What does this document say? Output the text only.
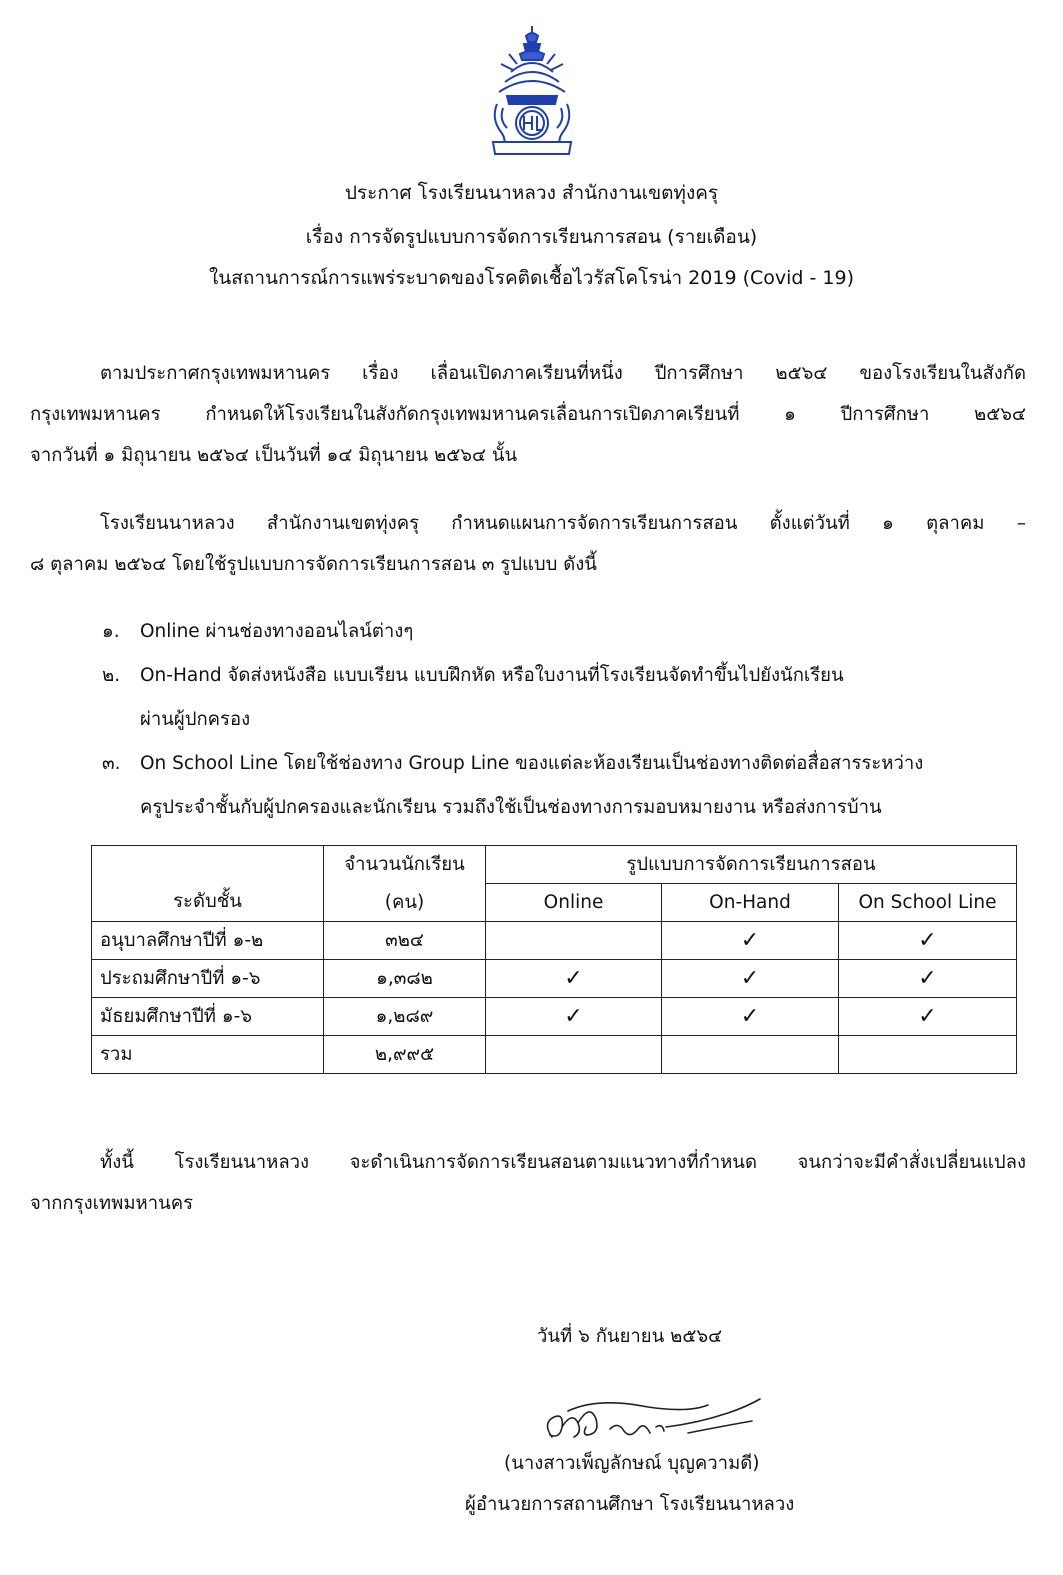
ประกาศ โรงเรียนนาหลวง สำนักงานเขตทุ่งครุ
เรื่อง การจัดรูปแบบการจัดการเรียนการสอน (รายเดือน)
ในสถานการณ์การแพร่ระบาดของโรคติดเชื้อไวรัสโคโรน่า 2019 (Covid - 19)
ตามประกาศกรุงเทพมหานคร เรื่อง เลื่อนเปิดภาคเรียนที่หนึ่ง ปีการศึกษา ๒๕๖๔ ของโรงเรียนในสังกัด
กรุงเทพมหานคร กำหนดให้โรงเรียนในสังกัดกรุงเทพมหานครเลื่อนการเปิดภาคเรียนที่ ๑ ปีการศึกษา ๒๕๖๔
จากวันที่ ๑ มิถุนายน ๒๕๖๔ เป็นวันที่ ๑๔ มิถุนายน ๒๕๖๔ นั้น
โรงเรียนนาหลวง สำนักงานเขตทุ่งครุ กำหนดแผนการจัดการเรียนการสอน ตั้งแต่วันที่ ๑ ตุลาคม –
๘ ตุลาคม ๒๕๖๔ โดยใช้รูปแบบการจัดการเรียนการสอน ๓ รูปแบบ ดังนี้
๑. Online ผ่านช่องทางออนไลน์ต่างๆ
๒. On-Hand จัดส่งหนังสือ แบบเรียน แบบฝึกหัด หรือใบงานที่โรงเรียนจัดทำขึ้นไปยังนักเรียน
ผ่านผู้ปกครอง
๓. On School Line โดยใช้ช่องทาง Group Line ของแต่ละห้องเรียนเป็นช่องทางติดต่อสื่อสารระหว่าง
ครูประจำชั้นกับผู้ปกครองและนักเรียน รวมถึงใช้เป็นช่องทางการมอบหมายงาน หรือส่งการบ้าน
ระดับชั้น	จำนวนนักเรียน	รูปแบบการจัดการเรียนการสอน		
	(คน)	Online	On-Hand	On School Line
อนุบาลศึกษาปีที่ ๑-๒	๓๒๔		✓	✓
ประถมศึกษาปีที่ ๑-๖	๑,๓๘๒	✓	✓	✓
มัธยมศึกษาปีที่ ๑-๖	๑,๒๘๙	✓	✓	✓
รวม	๒,๙๙๕			
ทั้งนี้ โรงเรียนนาหลวง จะดำเนินการจัดการเรียนสอนตามแนวทางที่กำหนด จนกว่าจะมีคำสั่งเปลี่ยนแปลง
จากกรุงเทพมหานคร
วันที่ ๖ กันยายน ๒๕๖๔
(นางสาวเพ็ญลักษณ์ บุญความดี)
ผู้อำนวยการสถานศึกษา โรงเรียนนาหลวง
